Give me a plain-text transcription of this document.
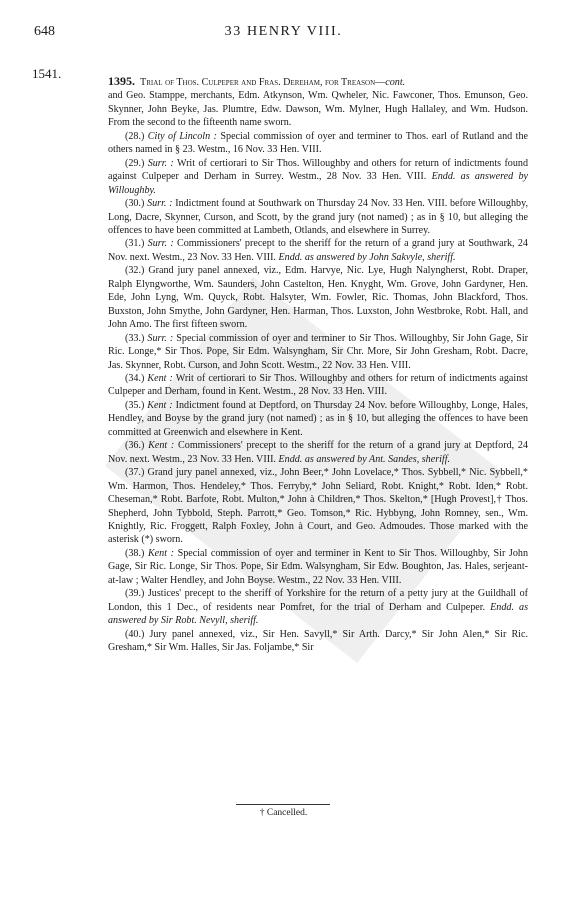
648	33 HENRY VIII.
1541.	1395. Trial of Thos. Culpeper and Fras. Dereham, for Treason—cont.

and Geo. Stamppe, merchants, Edm. Atkynson, Wm. Qwheler, Nic. Fawconer, Thos. Emunson, Geo. Skynner, John Beyke, Jas. Plumtre, Edw. Dawson, Wm. Mylner, Hugh Hallaley, and Wm. Hudson. From the second to the fifteenth name sworn.

(28.) City of Lincoln : Special commission of oyer and terminer to Thos. earl of Rutland and the others named in § 23. Westm., 16 Nov. 33 Hen. VIII.

(29.) Surr. : Writ of certiorari to Sir Thos. Willoughby and others for return of indictments found against Culpeper and Derham in Surrey. Westm., 28 Nov. 33 Hen. VIII. Endd. as answered by Willoughby.

(30.) Surr. : Indictment found at Southwark on Thursday 24 Nov. 33 Hen. VIII. before Willoughby, Long, Dacre, Skynner, Curson, and Scott, by the grand jury (not named) ; as in § 10, but alleging the offences to have been committed at Lambeth, Otlands, and elsewhere in Surrey.

(31.) Surr. : Commissioners' precept to the sheriff for the return of a grand jury at Southwark, 24 Nov. next. Westm., 23 Nov. 33 Hen. VIII. Endd. as answered by John Sakvyle, sheriff.

(32.) Grand jury panel annexed, viz., Edm. Harvye, Nic. Lye, Hugh Nalyngherst, Robt. Draper, Ralph Elyngworthe, Wm. Saunders, John Castelton, Hen. Knyght, Wm. Grove, John Gardyner, Hen. Ede, John Lyng, Wm. Quyck, Robt. Halsyter, Wm. Fowler, Ric. Thomas, John Blackford, Thos. Buxston, John Smythe, John Gardyner, Hen. Harman, Thos. Luxston, John Westbroke, Robt. Hall, and John Amo. The first fifteen sworn.

(33.) Surr. : Special commission of oyer and terminer to Sir Thos. Willoughby, Sir John Gage, Sir Ric. Longe,* Sir Thos. Pope, Sir Edm. Walsyngham, Sir Chr. More, Sir John Gresham, Robt. Dacre, Jas. Skynner, Robt. Curson, and John Scott. Westm., 22 Nov. 33 Hen. VIII.

(34.) Kent : Writ of certiorari to Sir Thos. Willoughby and others for return of indictments against Culpeper and Derham, found in Kent. Westm., 28 Nov. 33 Hen. VIII.

(35.) Kent : Indictment found at Deptford, on Thursday 24 Nov. before Willoughby, Longe, Hales, Hendley, and Boyse by the grand jury (not named) ; as in § 10, but alleging the offences to have been committed at Greenwich and elsewhere in Kent.

(36.) Kent : Commissioners' precept to the sheriff for the return of a grand jury at Deptford, 24 Nov. next. Westm., 23 Nov. 33 Hen. VIII. Endd. as answered by Ant. Sandes, sheriff.

(37.) Grand jury panel annexed, viz., John Beer,* John Lovelace,* Thos. Sybbell,* Nic. Sybbell,* Wm. Harmon, Thos. Hendeley,* Thos. Ferryby,* John Seliard, Robt. Knight,* Robt. Iden,* Robt. Cheseman,* Robt. Barfote, Robt. Multon,* John à Children,* Thos. Skelton,* [Hugh Provest],† Thos. Shepherd, John Tybbold, Steph. Parrott,* Geo. Tomson,* Ric. Hybbyng, John Romney, sen., Wm. Knightly, Ric. Froggett, Ralph Foxley, John à Court, and Geo. Admoudes. Those marked with the asterisk (*) sworn.

(38.) Kent : Special commission of oyer and terminer in Kent to Sir Thos. Willoughby, Sir John Gage, Sir Ric. Longe, Sir Thos. Pope, Sir Edm. Walsyngham, Sir Edw. Boughton, Jas. Hales, serjeant-at-law ; Walter Hendley, and John Boyse. Westm., 22 Nov. 33 Hen. VIII.

(39.) Justices' precept to the sheriff of Yorkshire for the return of a petty jury at the Guildhall of London, this 1 Dec., of residents near Pomfret, for the trial of Derham and Culpeper. Endd. as answered by Sir Robt. Nevyll, sheriff.

(40.) Jury panel annexed, viz., Sir Hen. Savyll,* Sir Arth. Darcy,* Sir John Alen,* Sir Ric. Gresham,* Sir Wm. Halles, Sir Jas. Foljambe,* Sir

† Cancelled.
